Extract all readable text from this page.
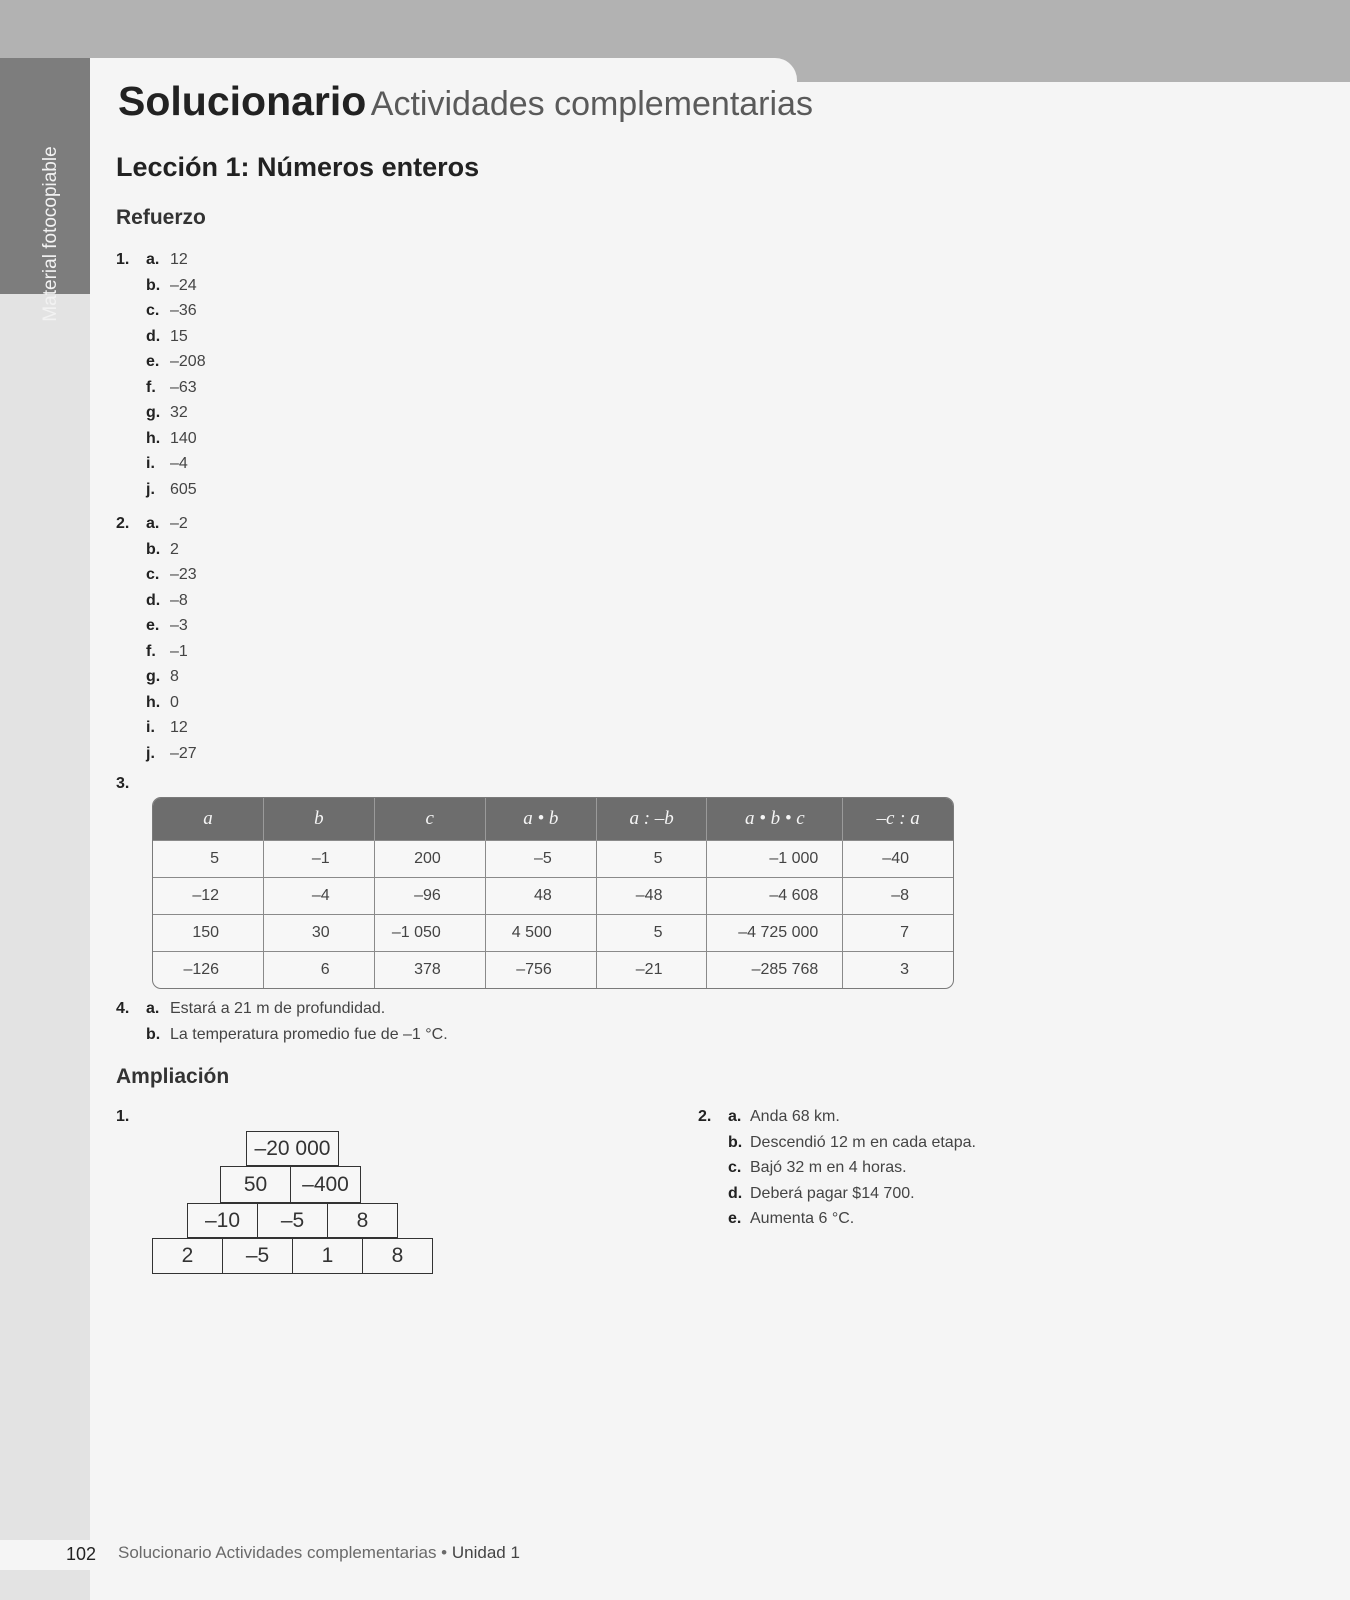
Material fotocopiable
Solucionario Actividades complementarias
Lección 1: Números enteros
Refuerzo
1. a. 12
b. –24
c. –36
d. 15
e. –208
f. –63
g. 32
h. 140
i. –4
j. 605
2. a. –2
b. 2
c. –23
d. –8
e. –3
f. –1
g. 8
h. 0
i. 12
j. –27
3.
a	b	c	a • b	a : –b	a • b • c	–c : a
5	–1	200	–5	5	–1 000	–40
–12	–4	–96	48	–48	–4 608	–8
150	30	–1 050	4 500	5	–4 725 000	7
–126	6	378	–756	–21	–285 768	3
4. a. Estará a 21 m de profundidad.
b. La temperatura promedio fue de –1 °C.
Ampliación
1.
–20 000
50	–400
–10	–5	8
2	–5	1	8
2. a. Anda 68 km.
b. Descendió 12 m en cada etapa.
c. Bajó 32 m en 4 horas.
d. Deberá pagar $14 700.
e. Aumenta 6 °C.
102 Solucionario Actividades complementarias • Unidad 1
